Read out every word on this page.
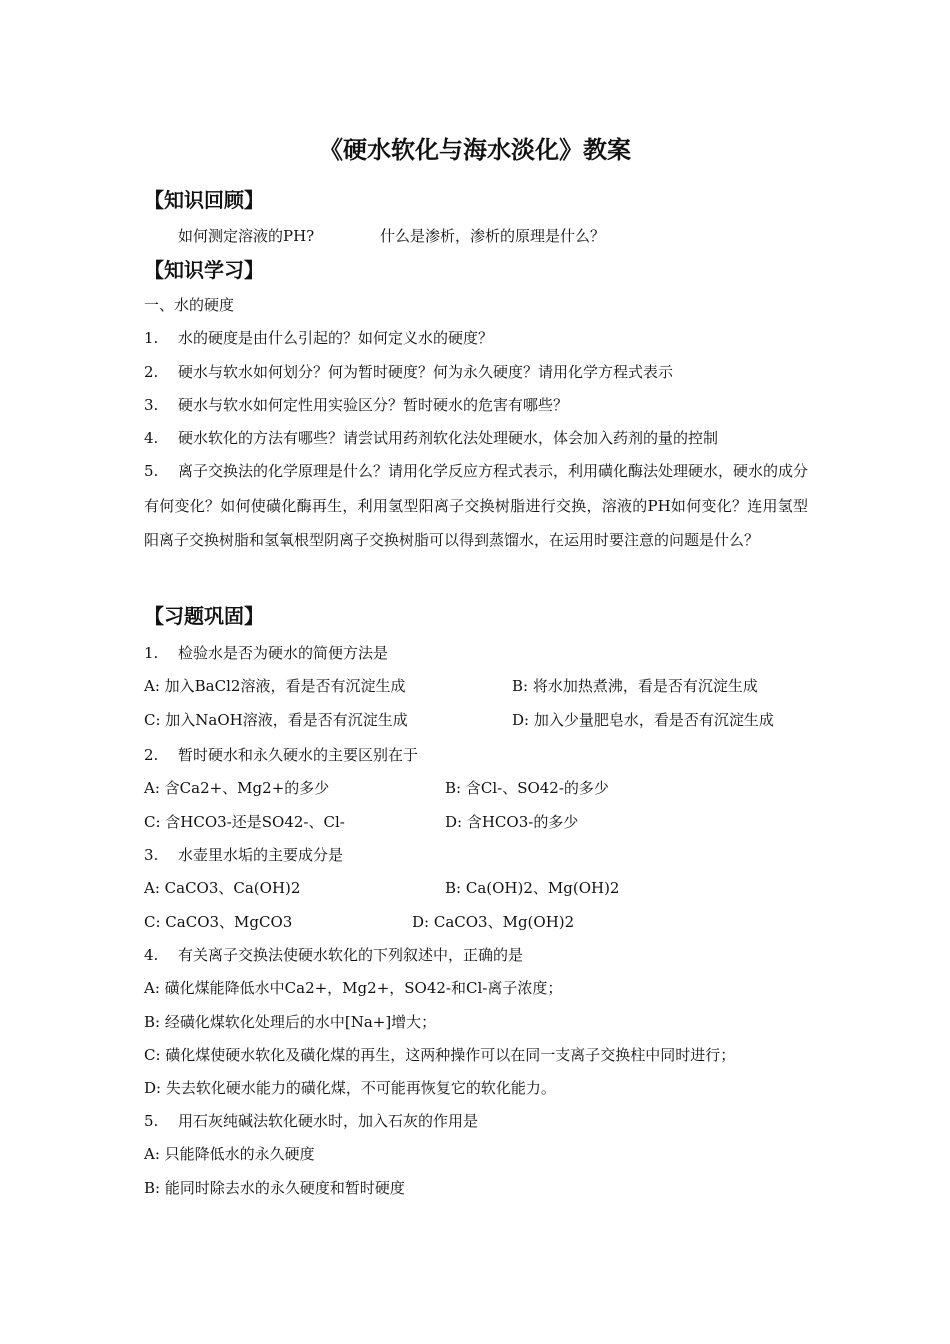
《硬水软化与海水淡化》教案
【知识回顾】
如何测定溶液的PH?	什么是渗析，渗析的原理是什么？
【知识学习】
一、水的硬度
1. 水的硬度是由什么引起的？如何定义水的硬度？
2. 硬水与软水如何划分？何为暂时硬度？何为永久硬度？请用化学方程式表示
3. 硬水与软水如何定性用实验区分？暂时硬水的危害有哪些？
4. 硬水软化的方法有哪些？请尝试用药剂软化法处理硬水，体会加入药剂的量的控制

5. 离子交换法的化学原理是什么？请用化学反应方程式表示，利用磺化酶法处理硬水，硬水的成分有何变化？如何使磺化酶再生，利用氢型阳离子交换树脂进行交换，溶液的PH如何变化？连用氢型阳离子交换树脂和氢氧根型阴离子交换树脂可以得到蒸馏水，在运用时要注意的问题是什么？

【习题巩固】
1. 检验水是否为硬水的简便方法是
A: 加入BaCl2溶液，看是否有沉淀生成	B: 将水加热煮沸，看是否有沉淀生成
C: 加入NaOH溶液，看是否有沉淀生成	D: 加入少量肥皂水，看是否有沉淀生成
2. 暂时硬水和永久硬水的主要区别在于
A: 含Ca2+、Mg2+的多少	B: 含Cl-、SO42-的多少
C: 含HCO3-还是SO42-、Cl-	D: 含HCO3-的多少
3. 水壶里水垢的主要成分是
A: CaCO3、Ca(OH)2	B: Ca(OH)2、Mg(OH)2
C: CaCO3、MgCO3	D: CaCO3、Mg(OH)2
4. 有关离子交换法使硬水软化的下列叙述中，正确的是
A: 磺化煤能降低水中Ca2+，Mg2+，SO42-和Cl-离子浓度；
B: 经磺化煤软化处理后的水中[Na+]增大；
C: 磺化煤使硬水软化及磺化煤的再生，这两种操作可以在同一支离子交换柱中同时进行；
D: 失去软化硬水能力的磺化煤，不可能再恢复它的软化能力。
5. 用石灰纯碱法软化硬水时，加入石灰的作用是
A: 只能降低水的永久硬度
B: 能同时除去水的永久硬度和暂时硬度
